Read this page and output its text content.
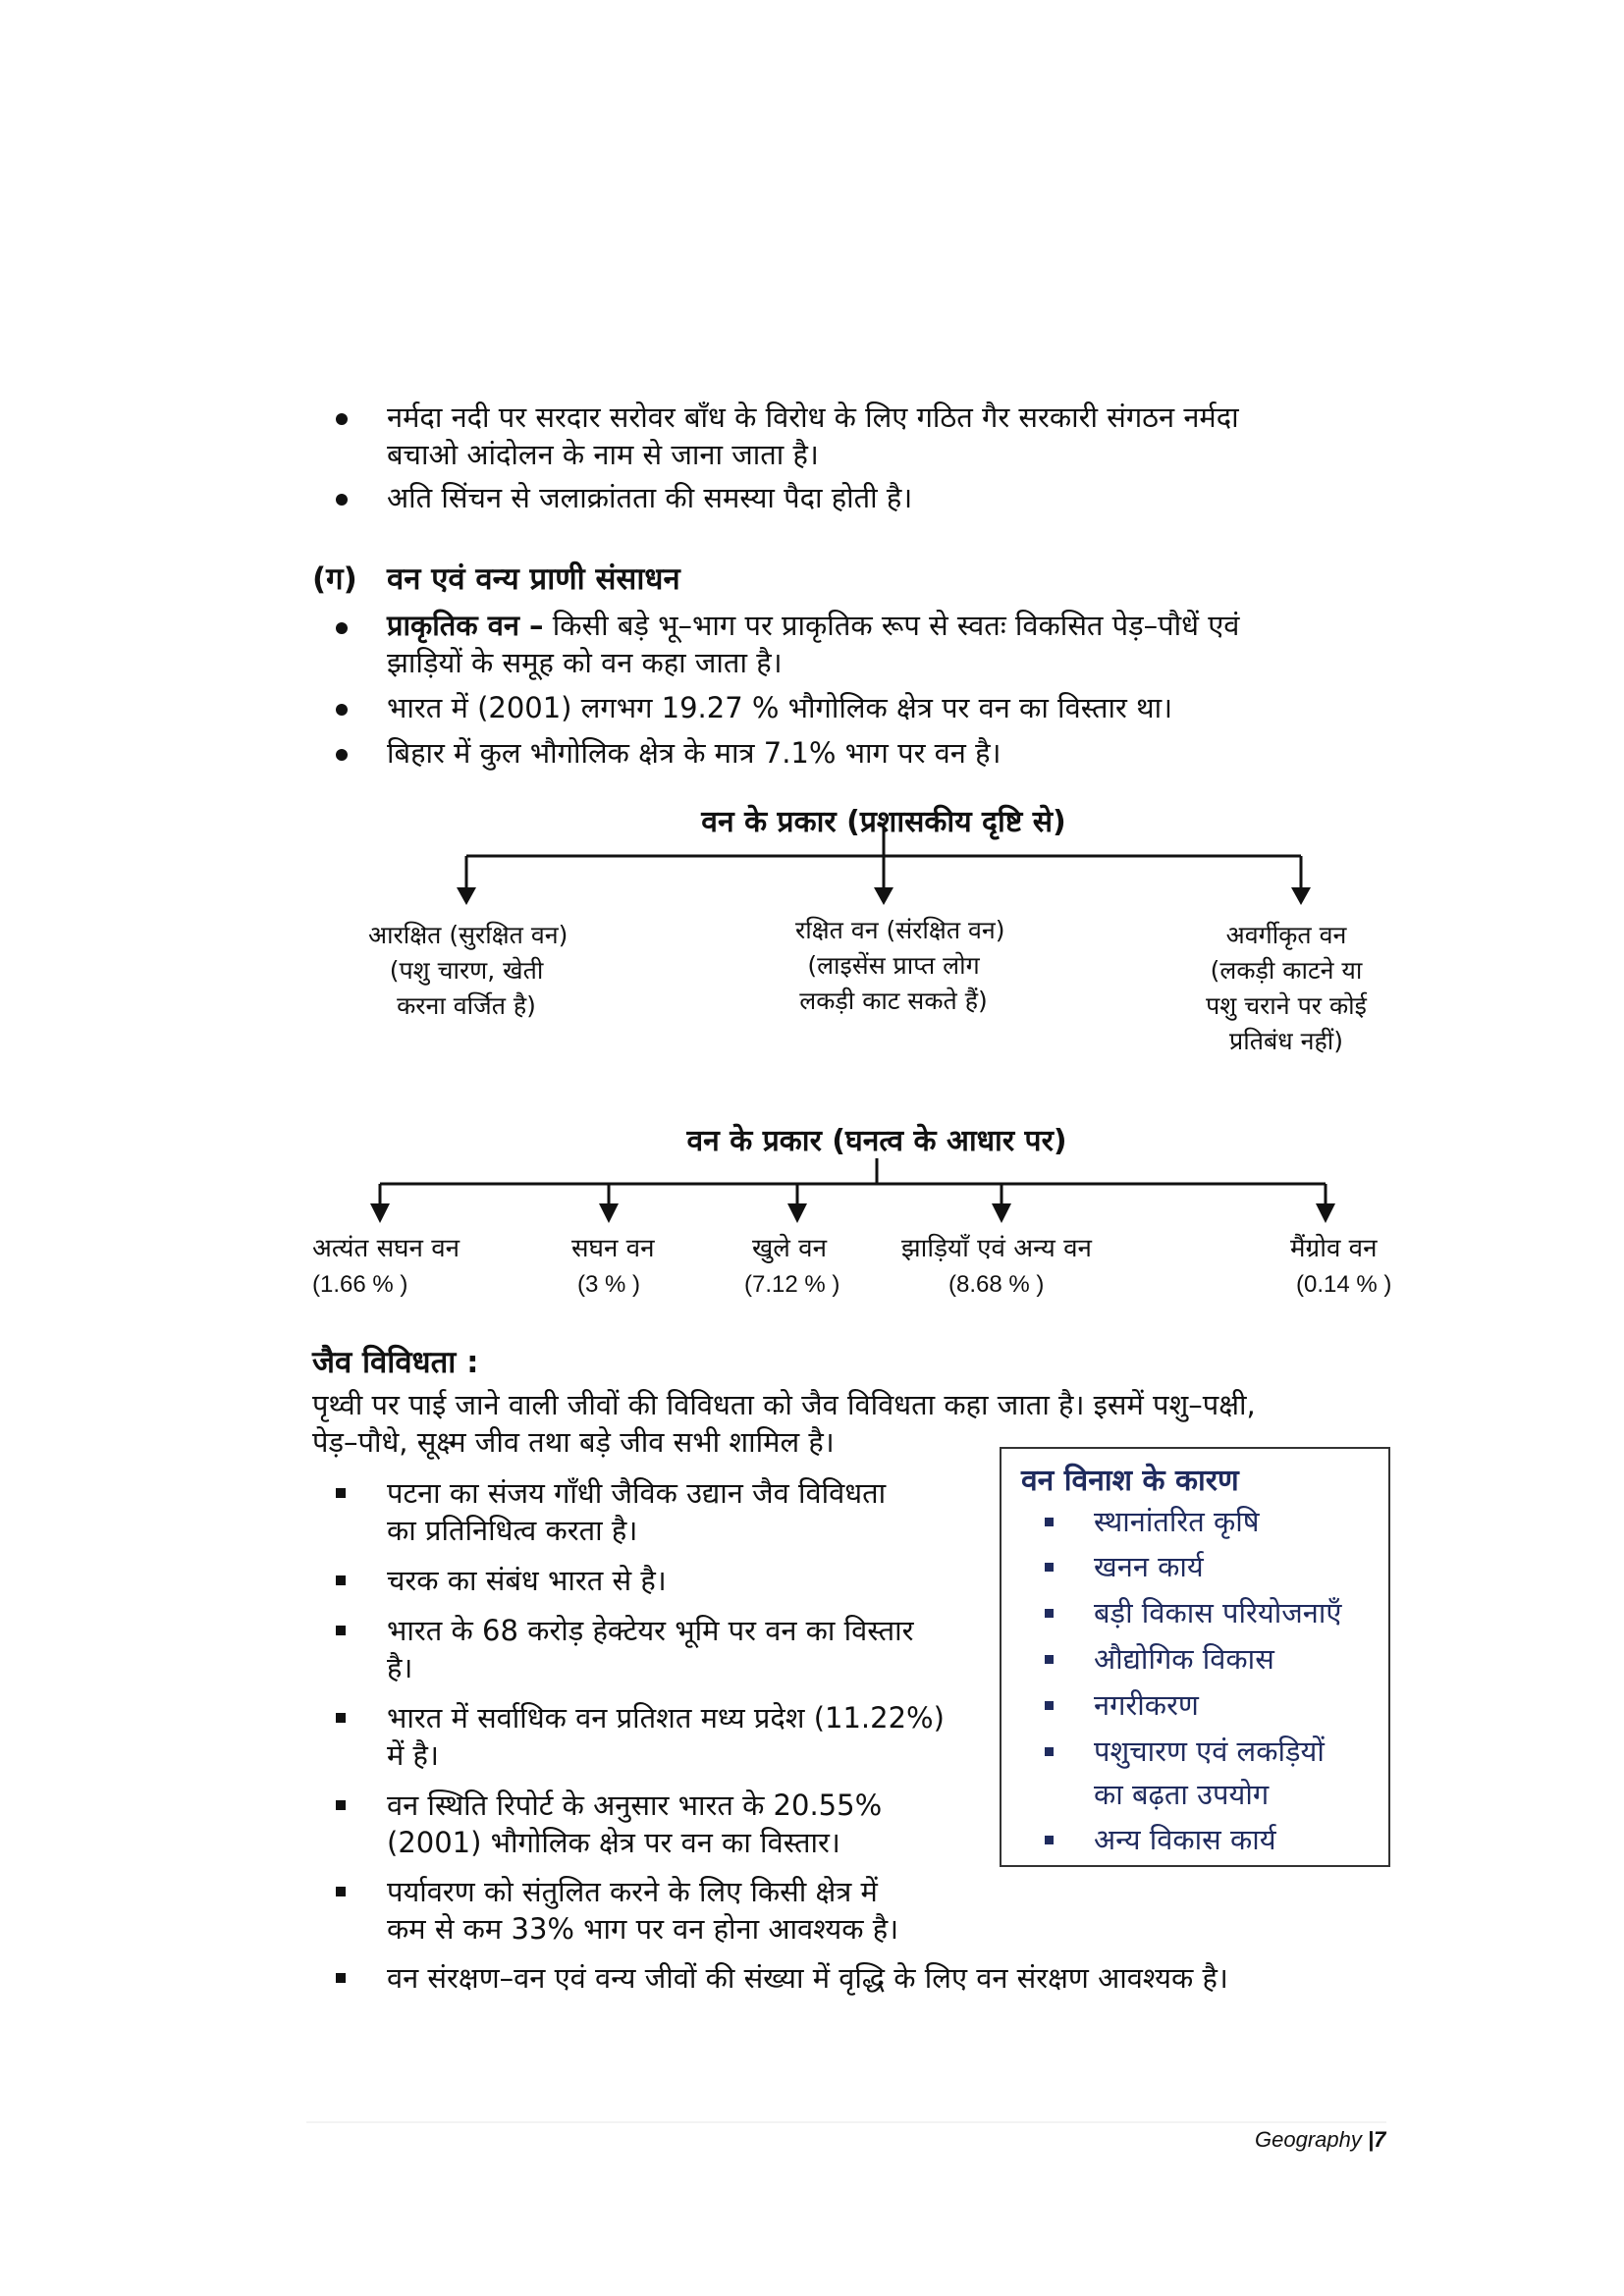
नर्मदा नदी पर सरदार सरोवर बाँध के विरोध के लिए गठित गैर सरकारी संगठन नर्मदा
बचाओ आंदोलन के नाम से जाना जाता है।
अति सिंचन से जलाक्रांतता की समस्या पैदा होती है।
(ग) वन एवं वन्य प्राणी संसाधन
प्राकृतिक वन – किसी बड़े भू–भाग पर प्राकृतिक रूप से स्वतः विकसित पेड़–पौधें एवं
झाड़ियों के समूह को वन कहा जाता है।
भारत में (2001) लगभग 19.27 % भौगोलिक क्षेत्र पर वन का विस्तार था।
बिहार में कुल भौगोलिक क्षेत्र के मात्र 7.1% भाग पर वन है।
वन के प्रकार (प्रशासकीय दृष्टि से)
आरक्षित (सुरक्षित वन)
(पशु चारण, खेती
करना वर्जित है)
रक्षित वन (संरक्षित वन)
(लाइसेंस प्राप्त लोग
लकड़ी काट सकते हैं)
अवर्गीकृत वन
(लकड़ी काटने या
पशु चराने पर कोई
प्रतिबंध नहीं)
वन के प्रकार (घनत्व के आधार पर)
अत्यंत सघन वन
(1.66 % )
सघन वन
(3 % )
खुले वन
(7.12 % )
झाड़ियाँ एवं अन्य वन
(8.68 % )
मैंग्रोव वन
(0.14 % )
जैव विविधता :
पृथ्वी पर पाई जाने वाली जीवों की विविधता को जैव विविधता कहा जाता है। इसमें पशु–पक्षी,
पेड़–पौधे, सूक्ष्म जीव तथा बड़े जीव सभी शामिल है।
पटना का संजय गाँधी जैविक उद्यान जैव विविधता
का प्रतिनिधित्व करता है।
चरक का संबंध भारत से है।
भारत के 68 करोड़ हेक्टेयर भूमि पर वन का विस्तार
है।
भारत में सर्वाधिक वन प्रतिशत मध्य प्रदेश (11.22%)
में है।
वन स्थिति रिपोर्ट के अनुसार भारत के 20.55%
(2001) भौगोलिक क्षेत्र पर वन का विस्तार।
पर्यावरण को संतुलित करने के लिए किसी क्षेत्र में
कम से कम 33% भाग पर वन होना आवश्यक है।
वन संरक्षण–वन एवं वन्य जीवों की संख्या में वृद्धि के लिए वन संरक्षण आवश्यक है।
वन विनाश के कारण
स्थानांतरित कृषि
खनन कार्य
बड़ी विकास परियोजनाएँ
औद्योगिक विकास
नगरीकरण
पशुचारण एवं लकड़ियों
का बढ़ता उपयोग
अन्य विकास कार्य
Geography |7
